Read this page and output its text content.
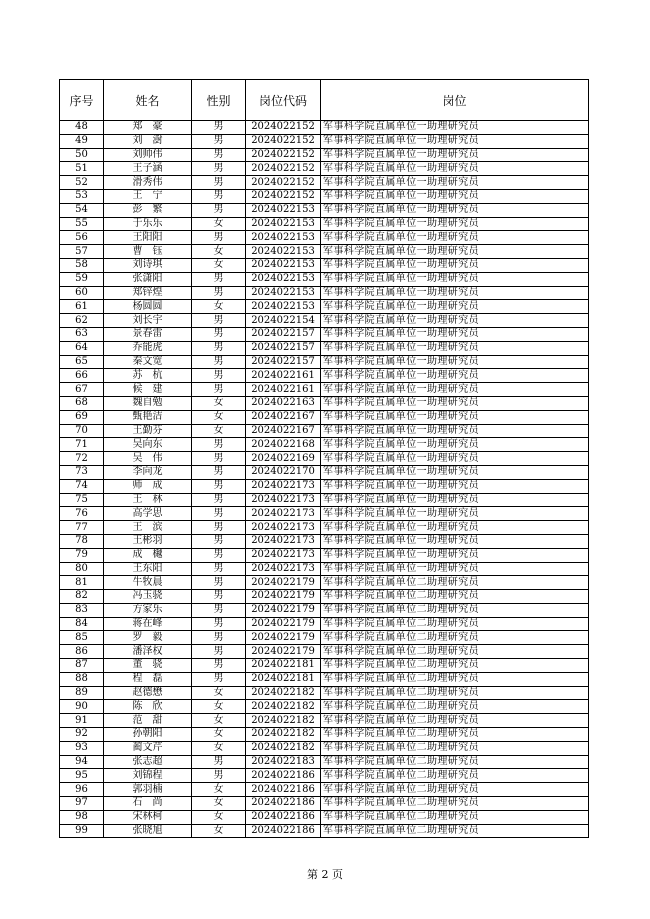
序号	姓名	性别	岗位代码	岗位
48	郑　豪	男	2024022152	军事科学院直属单位一助理研究员
49	刘　澍	男	2024022152	军事科学院直属单位一助理研究员
50	刘帅伟	男	2024022152	军事科学院直属单位一助理研究员
51	王子涵	男	2024022152	军事科学院直属单位一助理研究员
52	滑秀伟	男	2024022152	军事科学院直属单位一助理研究员
53	王　宁	男	2024022152	军事科学院直属单位一助理研究员
54	彭　繁	男	2024022153	军事科学院直属单位一助理研究员
55	于乐乐	女	2024022153	军事科学院直属单位一助理研究员
56	王阳阳	男	2024022153	军事科学院直属单位一助理研究员
57	曹　钰	女	2024022153	军事科学院直属单位一助理研究员
58	刘诗琪	女	2024022153	军事科学院直属单位一助理研究员
59	张潇阳	男	2024022153	军事科学院直属单位一助理研究员
60	郑锌煌	男	2024022153	军事科学院直属单位一助理研究员
61	杨圆圆	女	2024022153	军事科学院直属单位一助理研究员
62	刘长宇	男	2024022154	军事科学院直属单位一助理研究员
63	景春雷	男	2024022157	军事科学院直属单位一助理研究员
64	乔能虎	男	2024022157	军事科学院直属单位一助理研究员
65	秦文宽	男	2024022157	军事科学院直属单位一助理研究员
66	苏　杭	男	2024022161	军事科学院直属单位一助理研究员
67	候　建	男	2024022161	军事科学院直属单位一助理研究员
68	魏自勉	女	2024022163	军事科学院直属单位一助理研究员
69	甄艳洁	女	2024022167	军事科学院直属单位一助理研究员
70	王勤芬	女	2024022167	军事科学院直属单位一助理研究员
71	吴向东	男	2024022168	军事科学院直属单位一助理研究员
72	吴　伟	男	2024022169	军事科学院直属单位一助理研究员
73	李向龙	男	2024022170	军事科学院直属单位一助理研究员
74	师　成	男	2024022173	军事科学院直属单位一助理研究员
75	王　林	男	2024022173	军事科学院直属单位一助理研究员
76	高学思	男	2024022173	军事科学院直属单位一助理研究员
77	王　滨	男	2024022173	军事科学院直属单位一助理研究员
78	王彬羽	男	2024022173	军事科学院直属单位一助理研究员
79	成　樾	男	2024022173	军事科学院直属单位一助理研究员
80	王东阳	男	2024022173	军事科学院直属单位一助理研究员
81	牛牧晨	男	2024022179	军事科学院直属单位二助理研究员
82	冯玉骁	男	2024022179	军事科学院直属单位二助理研究员
83	方家乐	男	2024022179	军事科学院直属单位二助理研究员
84	蒋在峰	男	2024022179	军事科学院直属单位二助理研究员
85	罗　毅	男	2024022179	军事科学院直属单位二助理研究员
86	潘泽权	男	2024022179	军事科学院直属单位二助理研究员
87	董　骁	男	2024022181	军事科学院直属单位二助理研究员
88	程　磊	男	2024022181	军事科学院直属单位二助理研究员
89	赵德懋	女	2024022182	军事科学院直属单位二助理研究员
90	陈　欣	女	2024022182	军事科学院直属单位二助理研究员
91	范　甜	女	2024022182	军事科学院直属单位二助理研究员
92	孙朝阳	女	2024022182	军事科学院直属单位二助理研究员
93	蔺文芹	女	2024022182	军事科学院直属单位二助理研究员
94	张志超	男	2024022183	军事科学院直属单位二助理研究员
95	刘锦程	男	2024022186	军事科学院直属单位二助理研究员
96	郭羽楠	女	2024022186	军事科学院直属单位二助理研究员
97	石　尚	女	2024022186	军事科学院直属单位二助理研究员
98	宋林柯	女	2024022186	军事科学院直属单位二助理研究员
99	张晓旭	女	2024022186	军事科学院直属单位二助理研究员
第 2 页
